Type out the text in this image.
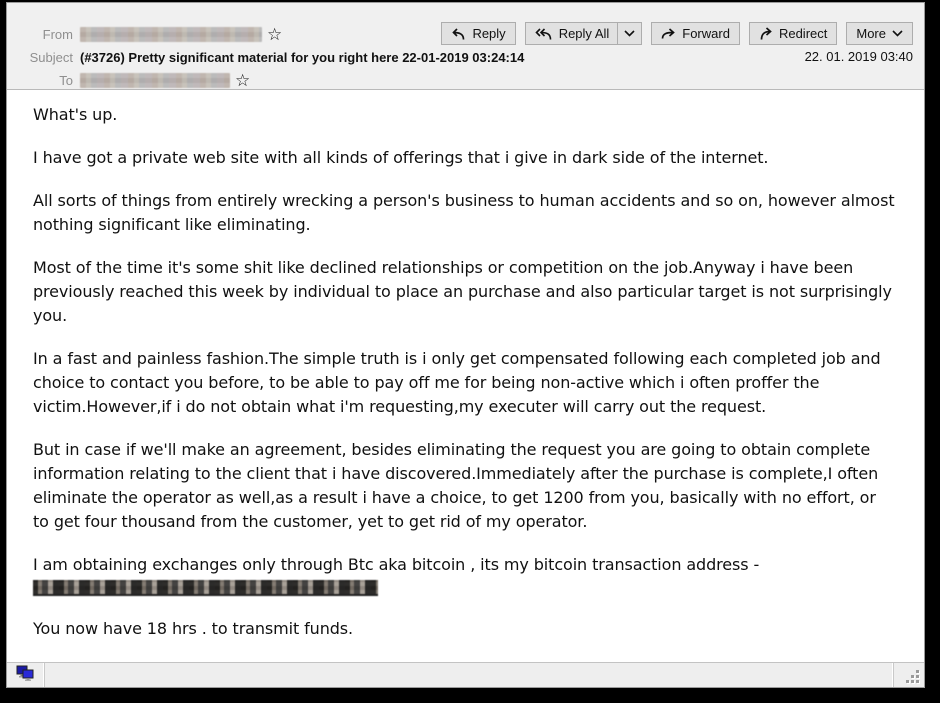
From	☆
Subject (#3726) Pretty significant material for you right here 22-01-2019 03:24:14
To	☆
Reply	Reply All	Forward	Redirect More
22. 01. 2019 03:40

What's up.

I have got a private web site with all kinds of offerings that i give in dark side of the internet.

All sorts of things from entirely wrecking a person's business to human accidents and so on, however almost nothing significant like eliminating.

Most of the time it's some shit like declined relationships or competition on the job.Anyway i have been previously reached this week by individual to place an purchase and also particular target is not surprisingly you.

In a fast and painless fashion.The simple truth is i only get compensated following each completed job and choice to contact you before, to be able to pay off me for being non-active which i often proffer the victim.However,if i do not obtain what i'm requesting,my executer will carry out the request.

But in case if we'll make an agreement, besides eliminating the request you are going to obtain complete information relating to the client that i have discovered.Immediately after the purchase is complete,I often eliminate the operator as well,as a result i have a choice, to get 1200 from you, basically with no effort, or to get four thousand from the customer, yet to get rid of my operator.

I am obtaining exchanges only through Btc aka bitcoin , its my bitcoin transaction address -

You now have 18 hrs . to transmit funds.
